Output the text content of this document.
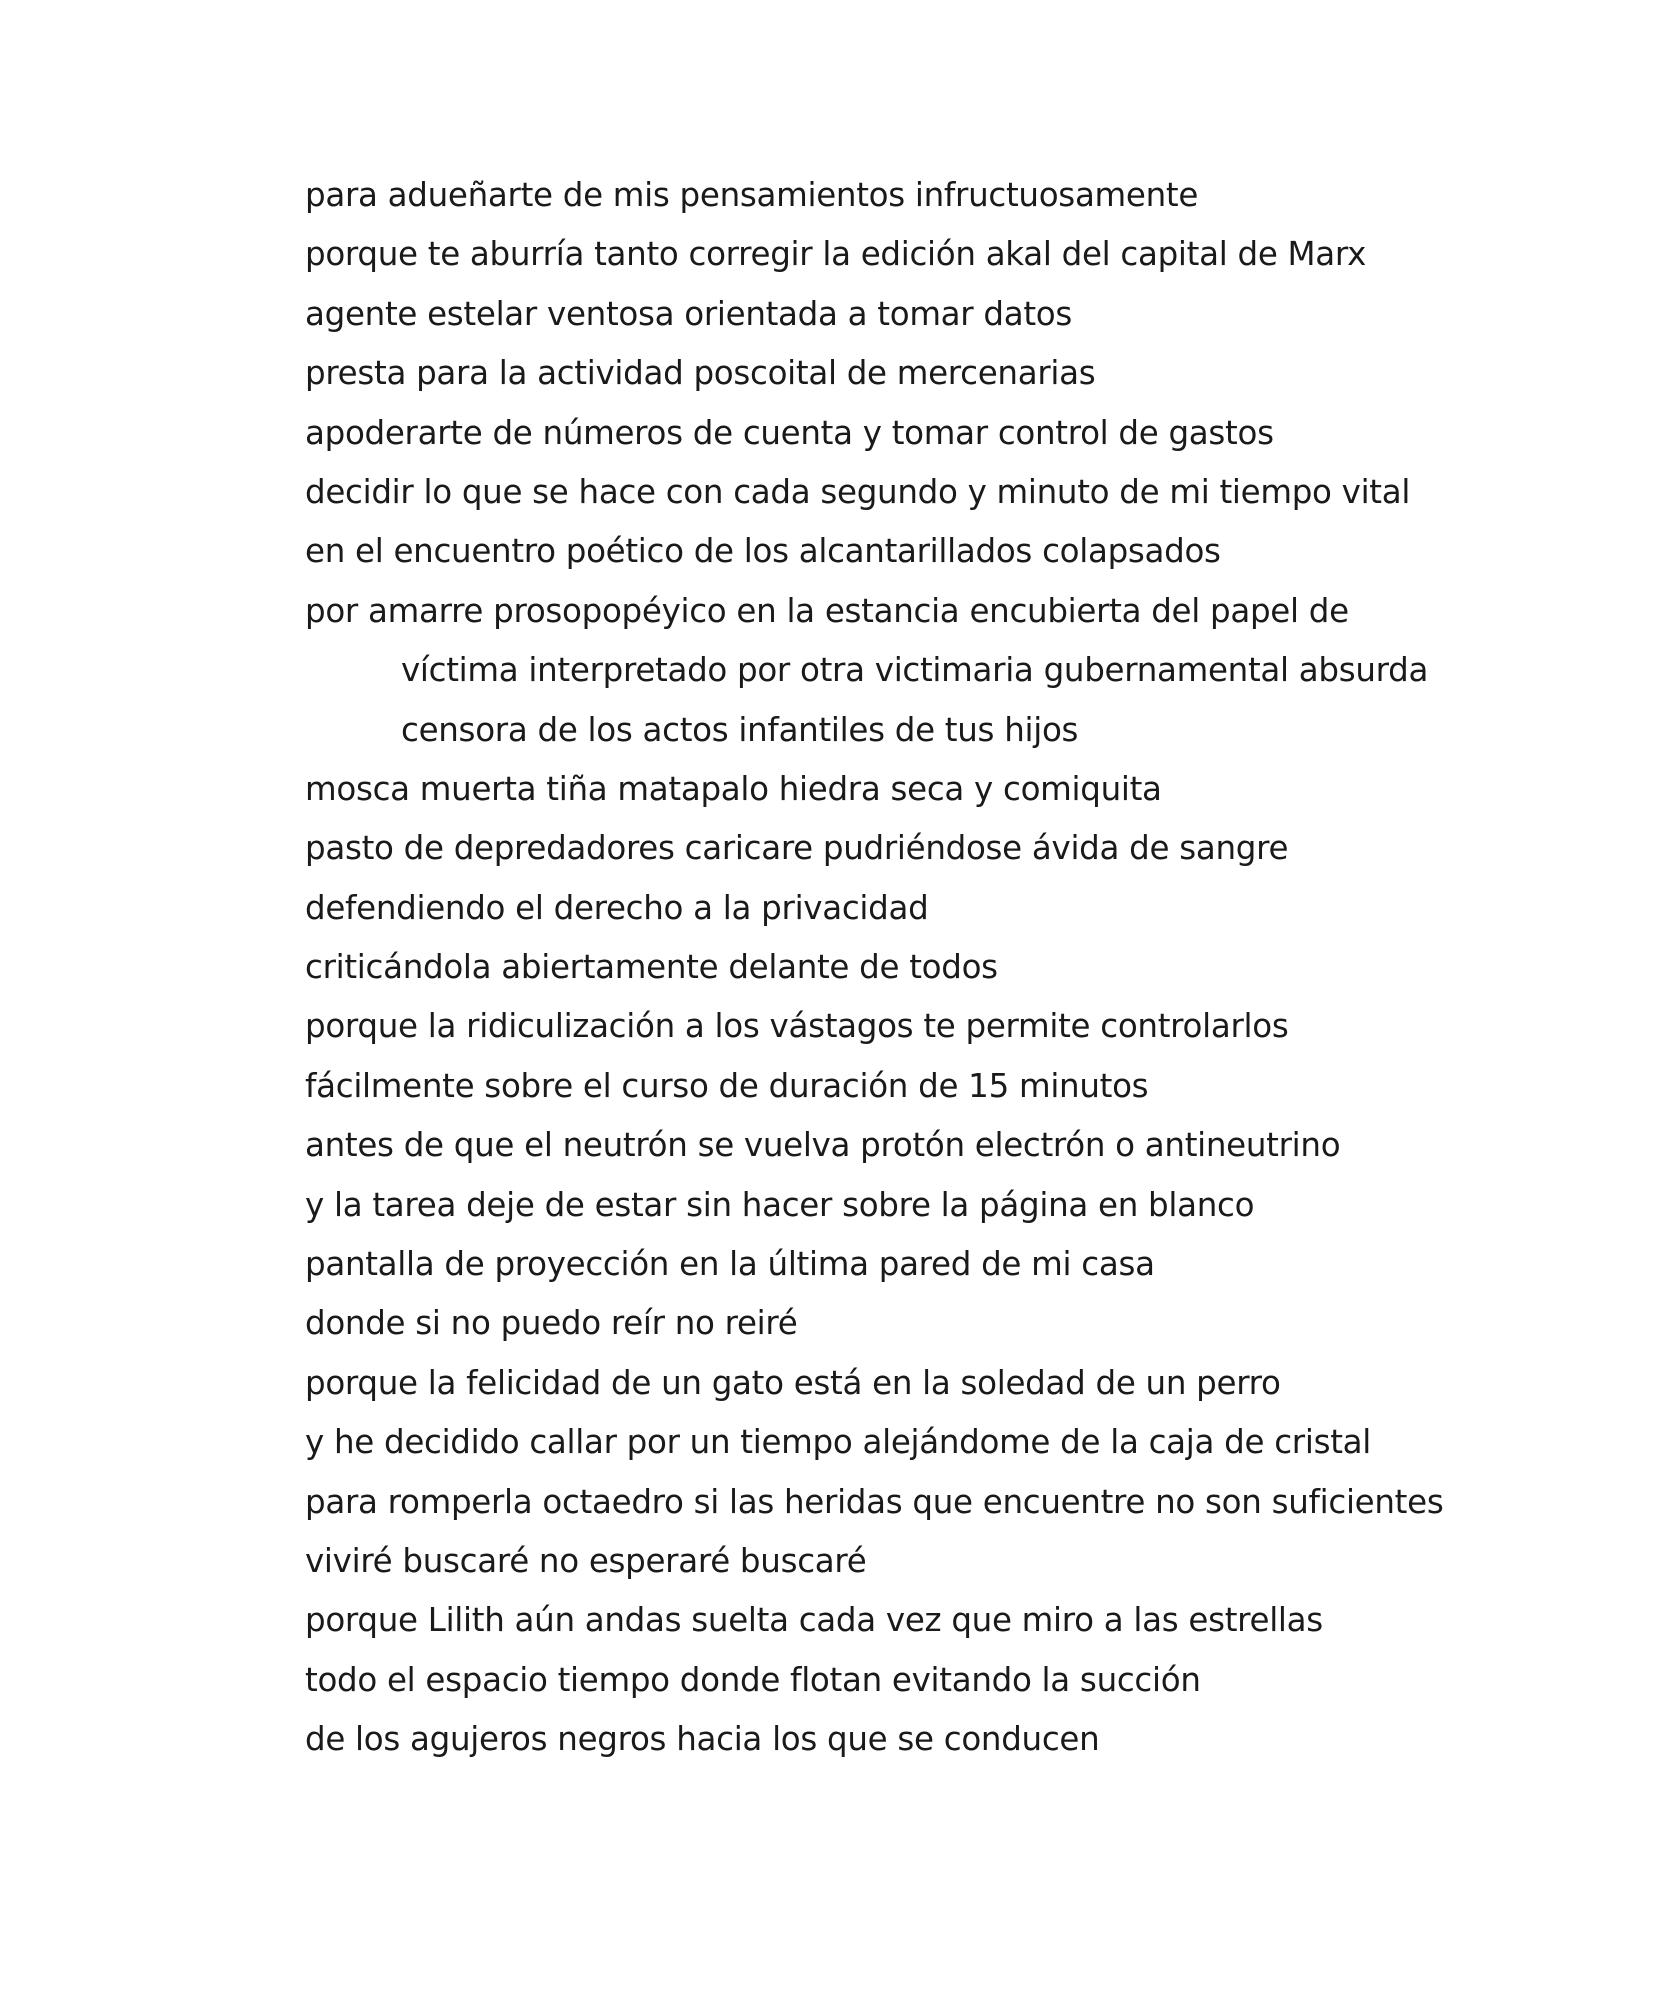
para adueñarte de mis pensamientos infructuosamente
porque te aburría tanto corregir la edición akal del capital de Marx
agente estelar ventosa orientada a tomar datos
presta para la actividad poscoital de mercenarias
apoderarte de números de cuenta y tomar control de gastos
decidir lo que se hace con cada segundo y minuto de mi tiempo vital
en el encuentro poético de los alcantarillados colapsados
por amarre prosopopéyico en la estancia encubierta del papel de
víctima interpretado por otra victimaria gubernamental absurda
censora de los actos infantiles de tus hijos
mosca muerta tiña matapalo hiedra seca y comiquita
pasto de depredadores caricare pudriéndose ávida de sangre
defendiendo el derecho a la privacidad
criticándola abiertamente delante de todos
porque la ridiculización a los vástagos te permite controlarlos
fácilmente sobre el curso de duración de 15 minutos
antes de que el neutrón se vuelva protón electrón o antineutrino
y la tarea deje de estar sin hacer sobre la página en blanco
pantalla de proyección en la última pared de mi casa
donde si no puedo reír no reiré
porque la felicidad de un gato está en la soledad de un perro
y he decidido callar por un tiempo alejándome de la caja de cristal
para romperla octaedro si las heridas que encuentre no son suficientes
viviré buscaré no esperaré buscaré
porque Lilith aún andas suelta cada vez que miro a las estrellas
todo el espacio tiempo donde flotan evitando la succión
de los agujeros negros hacia los que se conducen
